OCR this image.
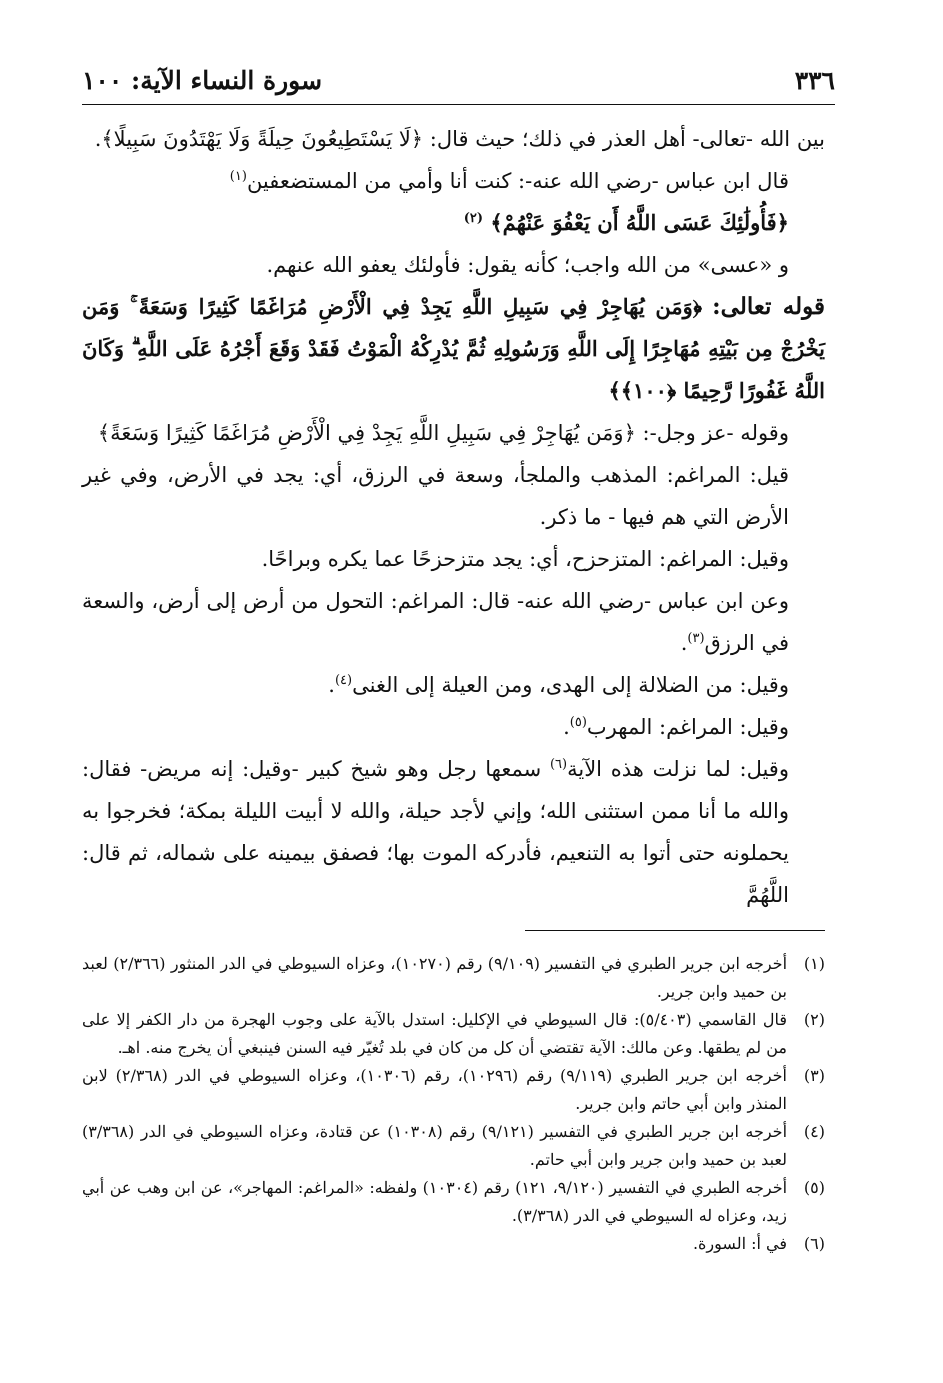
٣٣٦
سورة النساء الآية: ١٠٠

بين الله -تعالى- أهل العذر في ذلك؛ حيث قال: ﴿لَا يَسْتَطِيعُونَ حِيلَةً وَلَا يَهْتَدُونَ سَبِيلًا﴾.

قال ابن عباس -رضي الله عنه-: كنت أنا وأمي من المستضعفين$^{(١)}$

﴿فَأُولَٰئِكَ عَسَى اللَّهُ أَن يَعْفُوَ عَنْهُمْ﴾ $^{(٢)}$

و «عسى» من الله واجب؛ كأنه يقول: فأولئك يعفو الله عنهم.

قوله تعالى: ﴿وَمَن يُهَاجِرْ فِي سَبِيلِ اللَّهِ يَجِدْ فِي الْأَرْضِ مُرَاغَمًا كَثِيرًا وَسَعَةً ۚ وَمَن يَخْرُجْ مِن بَيْتِهِ مُهَاجِرًا إِلَى اللَّهِ وَرَسُولِهِ ثُمَّ يُدْرِكْهُ الْمَوْتُ فَقَدْ وَقَعَ أَجْرُهُ عَلَى اللَّهِ ۗ وَكَانَ اللَّهُ غَفُورًا رَّحِيمًا ﴿١٠٠﴾﴾

وقوله -عز وجل-: ﴿وَمَن يُهَاجِرْ فِي سَبِيلِ اللَّهِ يَجِدْ فِي الْأَرْضِ مُرَاغَمًا كَثِيرًا وَسَعَةً﴾

قيل: المراغم: المذهب والملجأ، وسعة في الرزق، أي: يجد في الأرض، وفي غير الأرض التي هم فيها - ما ذكر.

وقيل: المراغم: المتزحزح، أي: يجد متزحزحًا عما يكره وبراحًا.

وعن ابن عباس -رضي الله عنه- قال: المراغم: التحول من أرض إلى أرض، والسعة في الرزق$^{(٣)}$.

وقيل: من الضلالة إلى الهدى، ومن العيلة إلى الغنى$^{(٤)}$.

وقيل: المراغم: المهرب$^{(٥)}$.

وقيل: لما نزلت هذه الآية$^{(٦)}$ سمعها رجل وهو شيخ كبير -وقيل: إنه مريض- فقال: والله ما أنا ممن استثنى الله؛ وإني لأجد حيلة، والله لا أبيت الليلة بمكة؛ فخرجوا به يحملونه حتى أتوا به التنعيم، فأدركه الموت بها؛ فصفق بيمينه على شماله، ثم قال: اللَّهُمَّ

(١)
أخرجه ابن جرير الطبري في التفسير (٩/١٠٩) رقم (١٠٢٧٠)، وعزاه السيوطي في الدر المنثور (٢/٣٦٦) لعبد بن حميد وابن جرير.
(٢)
قال القاسمي (٥/٤٠٣): قال السيوطي في الإكليل: استدل بالآية على وجوب الهجرة من دار الكفر إلا على من لم يطقها. وعن مالك: الآية تقتضي أن كل من كان في بلد تُغيّر فيه السنن فينبغي أن يخرج منه. اهـ.
(٣)
أخرجه ابن جرير الطبري (٩/١١٩) رقم (١٠٢٩٦)، رقم (١٠٣٠٦)، وعزاه السيوطي في الدر (٢/٣٦٨) لابن المنذر وابن أبي حاتم وابن جرير.
(٤)
أخرجه ابن جرير الطبري في التفسير (٩/١٢١) رقم (١٠٣٠٨) عن قتادة، وعزاه السيوطي في الدر (٣/٣٦٨) لعبد بن حميد وابن جرير وابن أبي حاتم.
(٥)
أخرجه الطبري في التفسير (٩/١٢٠، ١٢١) رقم (١٠٣٠٤) ولفظه: «المراغم: المهاجر»، عن ابن وهب عن أبي زيد، وعزاه له السيوطي في الدر (٣/٣٦٨).
(٦)
في أ: السورة.
